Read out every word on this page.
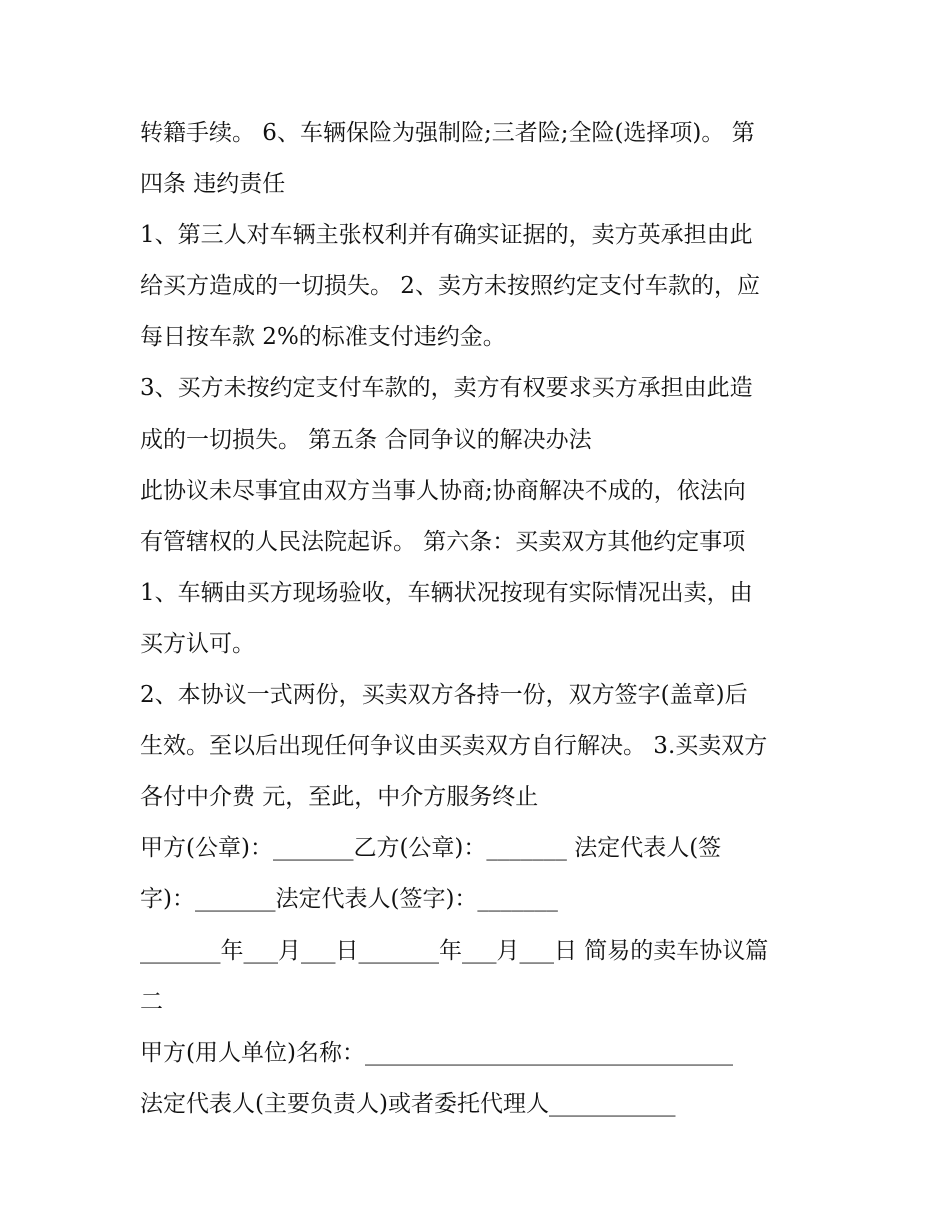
转籍手续。 6、车辆保险为强制险;三者险;全险(选择项)。 第
四条 违约责任
1、第三人对车辆主张权利并有确实证据的，卖方英承担由此
给买方造成的一切损失。 2、卖方未按照约定支付车款的，应
每日按车款 2%的标准支付违约金。
3、买方未按约定支付车款的，卖方有权要求买方承担由此造
成的一切损失。 第五条 合同争议的解决办法
此协议未尽事宜由双方当事人协商;协商解决不成的，依法向
有管辖权的人民法院起诉。 第六条：买卖双方其他约定事项
1、车辆由买方现场验收，车辆状况按现有实际情况出卖，由
买方认可。
2、本协议一式两份，买卖双方各持一份，双方签字(盖章)后
生效。至以后出现任何争议由买卖双方自行解决。 3.买卖双方
各付中介费 元，至此，中介方服务终止
甲方(公章)：_______乙方(公章)：_______ 法定代表人(签
字)：_______法定代表人(签字)：_______
_______年___月___日_______年___月___日 简易的卖车协议篇
二
甲方(用人单位)名称：________________________________
法定代表人(主要负责人)或者委托代理人___________
